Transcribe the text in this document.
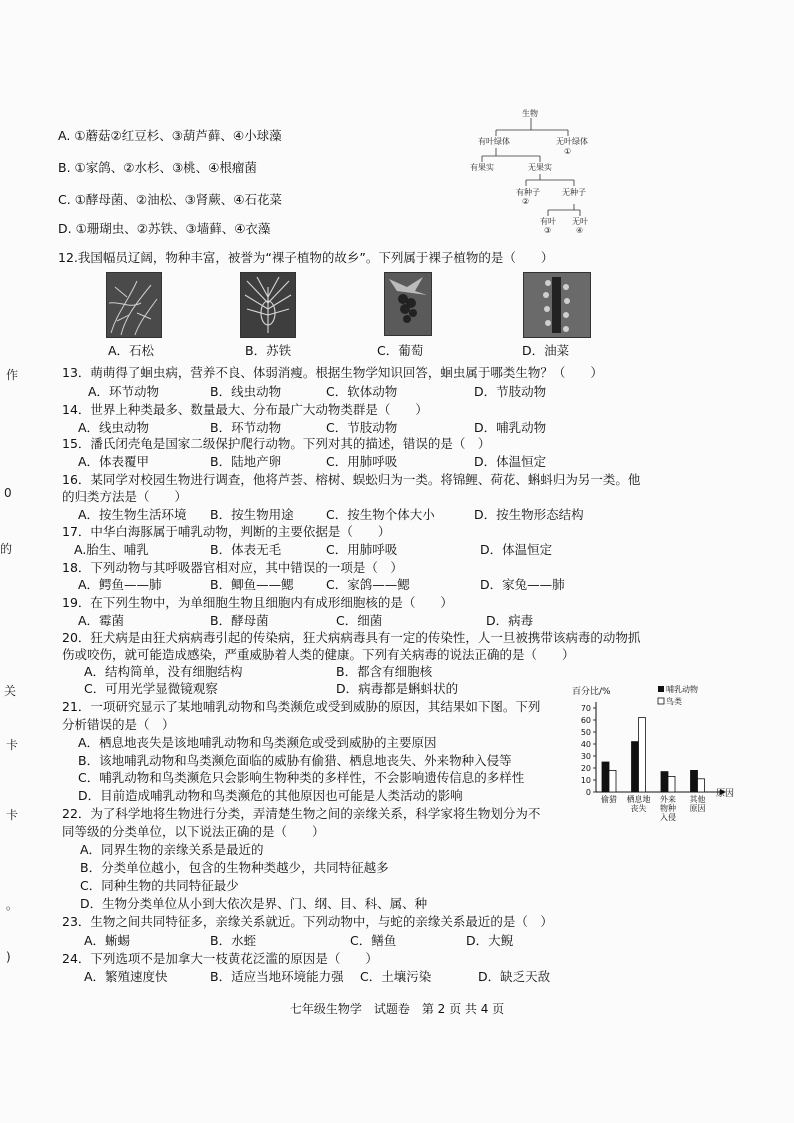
作
0
的
关
卡
卡
。
)
A. ①蘑菇②红豆杉、③葫芦藓、④小球藻
B. ①家鸽、②水杉、③桃、④根瘤菌
C. ①酵母菌、②油松、③肾蕨、④石花菜
D. ①珊瑚虫、②苏铁、③墙藓、④衣藻
生物
有叶绿体	无叶绿体
①
有果实	无果实
有种子
②
无种子
有叶
③
无叶
④
12.我国幅员辽阔，物种丰富，被誉为“裸子植物的故乡”。下列属于裸子植物的是（　　）
A．石松	B．苏铁	C．葡萄	D．油菜
13．萌萌得了蛔虫病，营养不良、体弱消瘦。根据生物学知识回答，蛔虫属于哪类生物？（　　）
A．环节动物	B．线虫动物	C．软体动物	D．节肢动物
14．世界上种类最多、数量最大、分布最广大动物类群是（　　）
A．线虫动物	B．环节动物	C．节肢动物	D．哺乳动物
15．潘氏闭壳龟是国家二级保护爬行动物。下列对其的描述，错误的是（　）
A．体表覆甲	B．陆地产卵	C．用肺呼吸	D．体温恒定
16．某同学对校园生物进行调查，他将芦荟、榕树、蜈蚣归为一类。将锦鲤、荷花、蝌蚪归为另一类。他
的归类方法是（　　）
A．按生物生活环境 B．按生物用途	C．按生物个体大小	D．按生物形态结构
17．中华白海豚属于哺乳动物，判断的主要依据是（　　）
A.胎生、哺乳	B．体表无毛	C．用肺呼吸	D．体温恒定
18．下列动物与其呼吸器官相对应，其中错误的一项是（　）
A．鳄鱼——肺	B．鲫鱼——鳃	C．家鸽——鳃	D．家兔——肺
19．在下列生物中，为单细胞生物且细胞内有成形细胞核的是（　　）
A．霉菌	B．酵母菌	C．细菌	D．病毒
20．狂犬病是由狂犬病病毒引起的传染病，狂犬病病毒具有一定的传染性，人一旦被携带该病毒的动物抓
伤或咬伤，就可能造成感染，严重威胁着人类的健康。下列有关病毒的说法正确的是（　　）
A．结构简单，没有细胞结构	B．都含有细胞核
C．可用光学显微镜观察	D．病毒都是蝌蚪状的
21．一项研究显示了某地哺乳动物和鸟类濒危或受到威胁的原因，其结果如下图。下列
分析错误的是（　）
A．栖息地丧失是该地哺乳动物和鸟类濒危或受到威胁的主要原因
B．该地哺乳动物和鸟类濒危面临的威胁有偷猎、栖息地丧失、外来物种入侵等
C．哺乳动物和鸟类濒危只会影响生物种类的多样性，不会影响遗传信息的多样性
D．目前造成哺乳动物和鸟类濒危的其他原因也可能是人类活动的影响
百分比/%	哺乳动物
鸟类
0
10
20
30
40
50
60
70
偷猎 栖息地
丧失
外来
物种
入侵
其他
原因
原因
22．为了科学地将生物进行分类，弄清楚生物之间的亲缘关系，科学家将生物划分为不
同等级的分类单位，以下说法正确的是（　　）
A．同界生物的亲缘关系是最近的
B．分类单位越小，包含的生物种类越少，共同特征越多
C．同种生物的共同特征最少
D．生物分类单位从小到大依次是界、门、纲、目、科、属、种
23．生物之间共同特征多，亲缘关系就近。下列动物中，与蛇的亲缘关系最近的是（　）
A．蜥蜴	B．水蛭	C．鳝鱼	D．大鲵
24．下列选项不是加拿大一枝黄花泛滥的原因是（　　）
A．繁殖速度快	B．适应当地环境能力强 C．土壤污染	D．缺乏天敌
七年级生物学　试题卷　第 2 页 共 4 页
